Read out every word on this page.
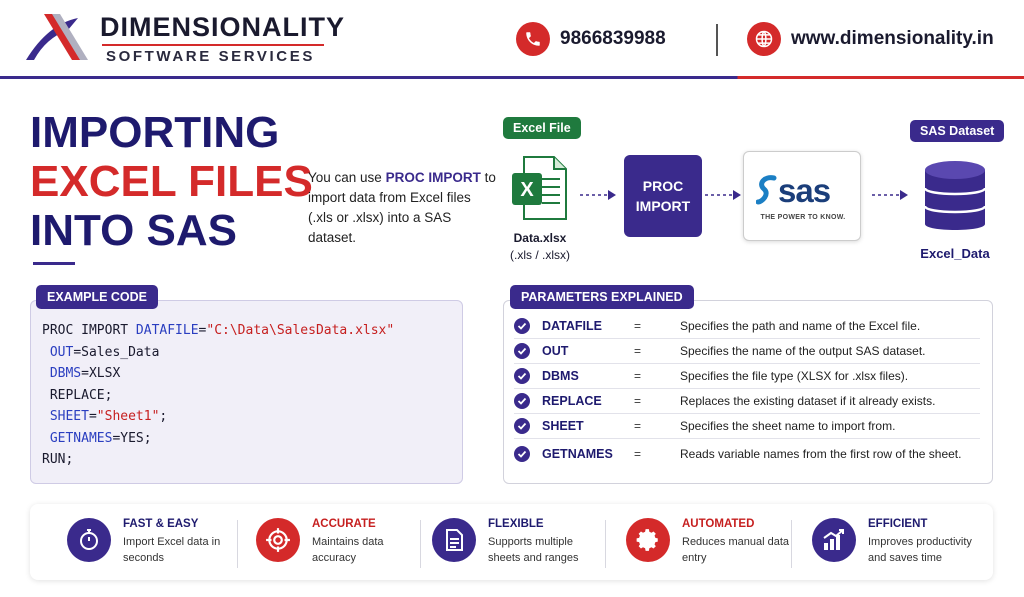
DIMENSIONALITY
SOFTWARE SERVICES
9866839988	www.dimensionality.in
IMPORTING
EXCEL FILES
INTO SAS
You can use PROC IMPORT to import data from Excel files (.xls or .xlsx) into a SAS dataset.
Excel File
X
Data.xlsx
(.xls / .xlsx)
PROC
IMPORT	sas
THE POWER TO KNOW.
SAS Dataset
Excel_Data
EXAMPLE CODE
PROC IMPORT DATAFILE="C:\Data\SalesData.xlsx"
OUT=Sales_Data
DBMS=XLSX
REPLACE;
SHEET="Sheet1";
GETNAMES=YES;
RUN;
PARAMETERS EXPLAINED
DATAFILE	=	Specifies the path and name of the Excel file.
OUT	=	Specifies the name of the output SAS dataset.
DBMS	=	Specifies the file type (XLSX for .xlsx files).
REPLACE	=	Replaces the existing dataset if it already exists.
SHEET	=	Specifies the sheet name to import from.
GETNAMES	=	Reads variable names from the first row of the sheet.
FAST & EASY
Import Excel data in seconds
ACCURATE
Maintains data accuracy
FLEXIBLE
Supports multiple sheets and ranges
AUTOMATED
Reduces manual data entry
EFFICIENT
Improves productivity and saves time
